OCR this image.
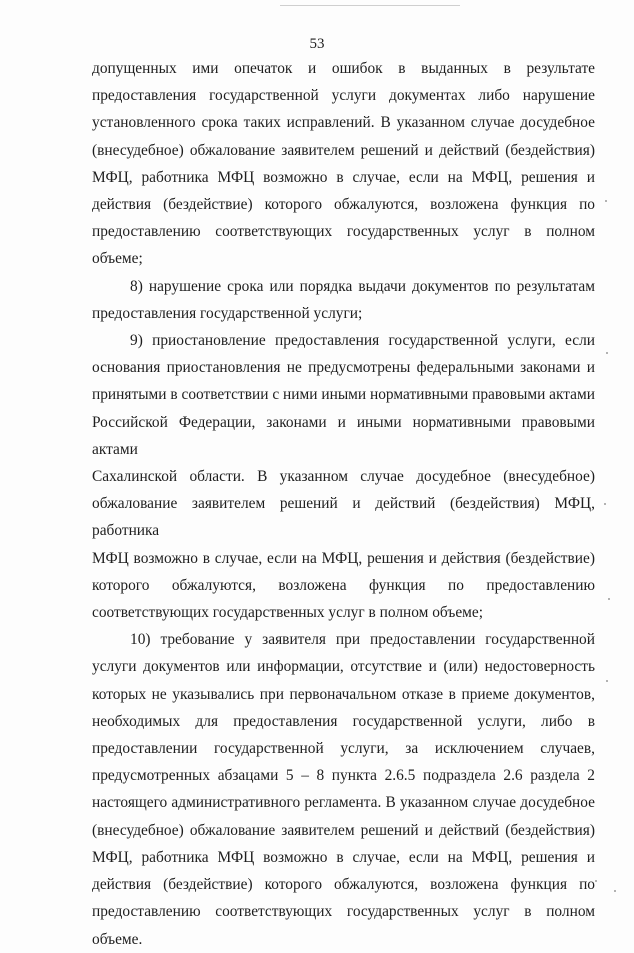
53

допущенных ими опечаток и ошибок в выданных в результате

предоставления государственной услуги документах либо нарушение

установленного срока таких исправлений. В указанном случае досудебное

(внесудебное) обжалование заявителем решений и действий (бездействия)

МФЦ, работника МФЦ возможно в случае, если на МФЦ, решения и

действия (бездействие) которого обжалуются, возложена функция по

предоставлению соответствующих государственных услуг в полном объеме;

8) нарушение срока или порядка выдачи документов по результатам

предоставления государственной услуги;

9) приостановление предоставления государственной услуги, если

основания приостановления не предусмотрены федеральными законами и

принятыми в соответствии с ними иными нормативными правовыми актами

Российской Федерации, законами и иными нормативными правовыми актами

Сахалинской области. В указанном случае досудебное (внесудебное)

обжалование заявителем решений и действий (бездействия) МФЦ, работника

МФЦ возможно в случае, если на МФЦ, решения и действия (бездействие)

которого обжалуются, возложена функция по предоставлению

соответствующих государственных услуг в полном объеме;

10) требование у заявителя при предоставлении государственной

услуги документов или информации, отсутствие и (или) недостоверность

которых не указывались при первоначальном отказе в приеме документов,

необходимых для предоставления государственной услуги, либо в

предоставлении государственной услуги, за исключением случаев,

предусмотренных абзацами 5 – 8 пункта 2.6.5 подраздела 2.6 раздела 2

настоящего административного регламента. В указанном случае досудебное

(внесудебное) обжалование заявителем решений и действий (бездействия)

МФЦ, работника МФЦ возможно в случае, если на МФЦ, решения и

действия (бездействие) которого обжалуются, возложена функция по

предоставлению соответствующих государственных услуг в полном объеме.
